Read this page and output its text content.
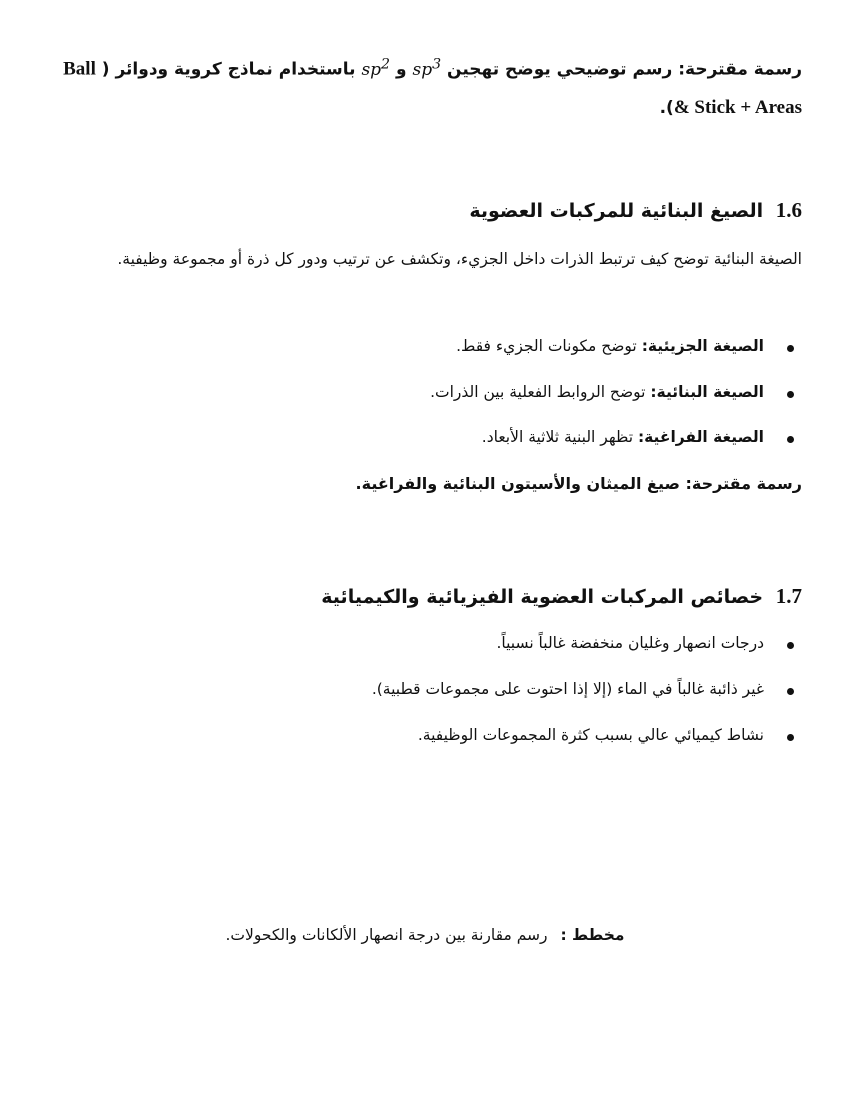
رسمة مقترحة: رسم توضيحي يوضح تهجين $sp^3$ و $sp^2$ باستخدام نماذج كروية ودوائر ( Ball & Stick + Areas).
1.6 الصيغ البنائية للمركبات العضوية
الصيغة البنائية توضح كيف ترتبط الذرات داخل الجزيء، وتكشف عن ترتيب ودور كل ذرة أو مجموعة وظيفية.
الصيغة الجزيئية: توضح مكونات الجزيء فقط.
الصيغة البنائية: توضح الروابط الفعلية بين الذرات.
الصيغة الفراغية: تظهر البنية ثلاثية الأبعاد.
رسمة مقترحة: صيغ الميثان والأسيتون البنائية والفراغية.
1.7 خصائص المركبات العضوية الفيزيائية والكيميائية
درجات انصهار وغليان منخفضة غالباً نسبياً.
غير ذائبة غالباً في الماء (إلا إذا احتوت على مجموعات قطبية).
نشاط كيميائي عالي بسبب كثرة المجموعات الوظيفية.
مخطط : رسم مقارنة بين درجة انصهار الألكانات والكحولات.
